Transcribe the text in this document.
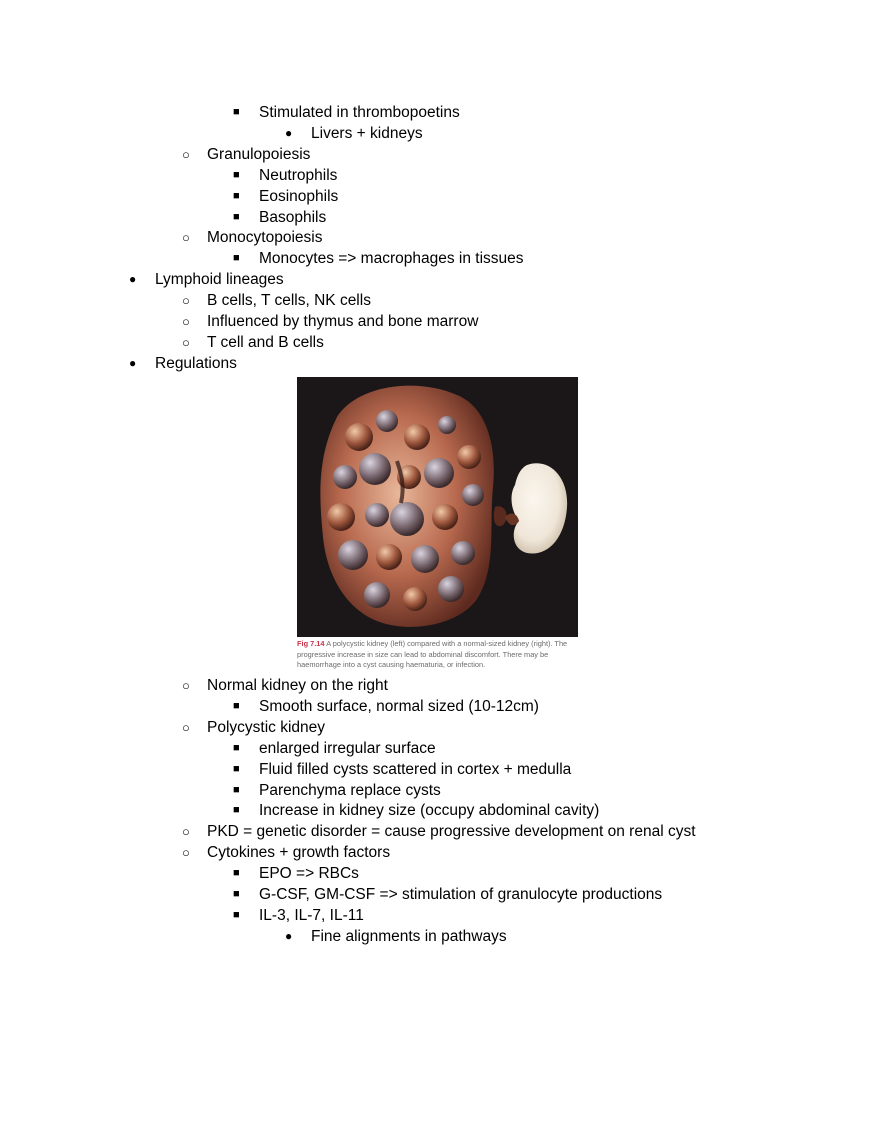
■ Stimulated in thrombopoetins
● Livers + kidneys
○ Granulopoiesis
■ Neutrophils
■ Eosinophils
■ Basophils
○ Monocytopoiesis
■ Monocytes => macrophages in tissues
● Lymphoid lineages
○ B cells, T cells, NK cells
○ Influenced by thymus and bone marrow
○ T cell and B cells
● Regulations
Fig 7.14 A polycystic kidney (left) compared with a normal-sized kidney (right). The progressive increase in size can lead to abdominal discomfort. There may be haemorrhage into a cyst causing haematuria, or infection.
○ Normal kidney on the right
■ Smooth surface, normal sized (10-12cm)
○ Polycystic kidney
■ enlarged irregular surface
■ Fluid filled cysts scattered in cortex + medulla
■ Parenchyma replace cysts
■ Increase in kidney size (occupy abdominal cavity)
○ PKD = genetic disorder = cause progressive development on renal cyst
○ Cytokines + growth factors
■ EPO => RBCs
■ G-CSF, GM-CSF => stimulation of granulocyte productions
■ IL-3, IL-7, IL-11
● Fine alignments in pathways
